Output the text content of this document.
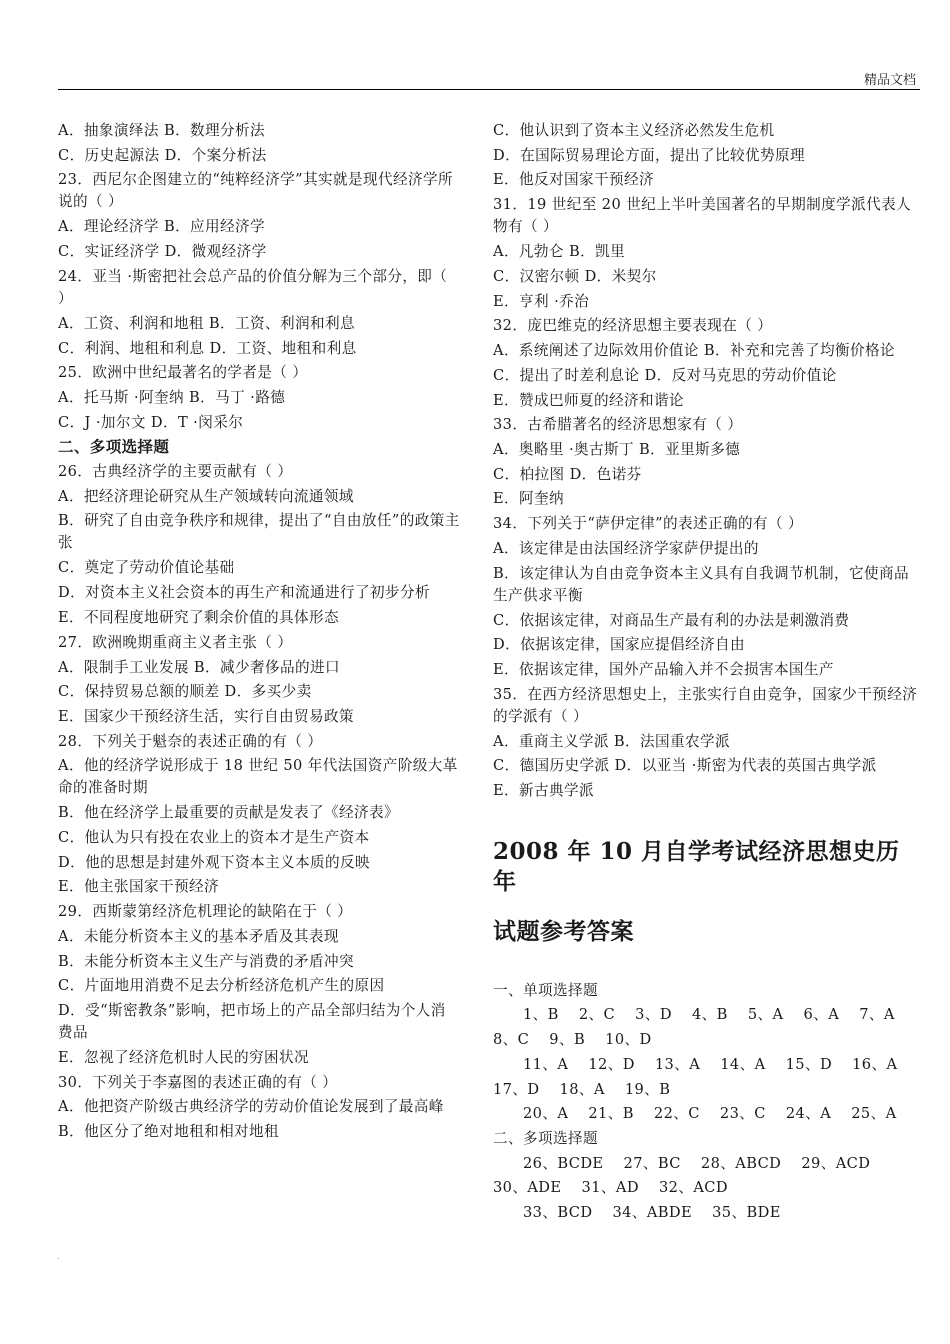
精品文档
A．抽象演绎法 B．数理分析法
C．历史起源法 D．个案分析法
23．西尼尔企图建立的“纯粹经济学”其实就是现代经济学所说的（ ）
A．理论经济学 B．应用经济学
C．实证经济学 D．微观经济学
24．亚当 ·斯密把社会总产品的价值分解为三个部分，即（ ）
A．工资、利润和地租 B．工资、利润和利息
C．利润、地租和利息 D．工资、地租和利息
25．欧洲中世纪最著名的学者是（ ）
A．托马斯 ·阿奎纳 B．马丁 ·路德
C．J ·加尔文 D．T ·闵采尔
二、多项选择题
26．古典经济学的主要贡献有（ ）
A．把经济理论研究从生产领域转向流通领域
B．研究了自由竞争秩序和规律，提出了“自由放任”的政策主张
C．奠定了劳动价值论基础
D．对资本主义社会资本的再生产和流通进行了初步分析
E．不同程度地研究了剩余价值的具体形态
27．欧洲晚期重商主义者主张（ ）
A．限制手工业发展 B．减少奢侈品的进口
C．保持贸易总额的顺差 D．多买少卖
E．国家少干预经济生活，实行自由贸易政策
28．下列关于魁奈的表述正确的有（ ）
A．他的经济学说形成于 18 世纪 50 年代法国资产阶级大革命的准备时期
B．他在经济学上最重要的贡献是发表了《经济表》
C．他认为只有投在农业上的资本才是生产资本
D．他的思想是封建外观下资本主义本质的反映
E．他主张国家干预经济
29．西斯蒙第经济危机理论的缺陷在于（ ）
A．未能分析资本主义的基本矛盾及其表现
B．未能分析资本主义生产与消费的矛盾冲突
C．片面地用消费不足去分析经济危机产生的原因
D．受“斯密教条”影响，把市场上的产品全部归结为个人消费品
E．忽视了经济危机时人民的穷困状况
30．下列关于李嘉图的表述正确的有（ ）
A．他把资产阶级古典经济学的劳动价值论发展到了最高峰
B．他区分了绝对地租和相对地租
C．他认识到了资本主义经济必然发生危机
D．在国际贸易理论方面，提出了比较优势原理
E．他反对国家干预经济
31．19 世纪至 20 世纪上半叶美国著名的早期制度学派代表人物有（ ）
A．凡勃仑 B．凯里
C．汉密尔顿 D．米契尔
E．亨利 ·乔治
32．庞巴维克的经济思想主要表现在（ ）
A．系统阐述了边际效用价值论 B．补充和完善了均衡价格论
C．提出了时差利息论 D．反对马克思的劳动价值论
E．赞成巴师夏的经济和谐论
33．古希腊著名的经济思想家有（ ）
A．奥略里 ·奥古斯丁 B．亚里斯多德
C．柏拉图 D．色诺芬
E．阿奎纳
34．下列关于“萨伊定律”的表述正确的有（ ）
A．该定律是由法国经济学家萨伊提出的
B．该定律认为自由竞争资本主义具有自我调节机制，它使商品生产供求平衡
C．依据该定律，对商品生产最有利的办法是刺激消费
D．依据该定律，国家应提倡经济自由
E．依据该定律，国外产品输入并不会损害本国生产
35．在西方经济思想史上，主张实行自由竞争，国家少干预经济的学派有（ ）
A．重商主义学派 B．法国重农学派
C．德国历史学派 D．以亚当 ·斯密为代表的英国古典学派
E．新古典学派
2008 年 10 月自学考试经济思想史历年
试题参考答案
一、单项选择题
1、B 2、C 3、D 4、B 5、A 6、A 7、A 8、C 9、B 10、D
11、A 12、D 13、A 14、A 15、D 16、A 17、D 18、A 19、B
20、A 21、B 22、C 23、C 24、A 25、A
二、多项选择题
26、BCDE 27、BC 28、ABCD 29、ACD 30、ADE 31、AD 32、ACD
33、BCD 34、ABDE 35、BDE
.
